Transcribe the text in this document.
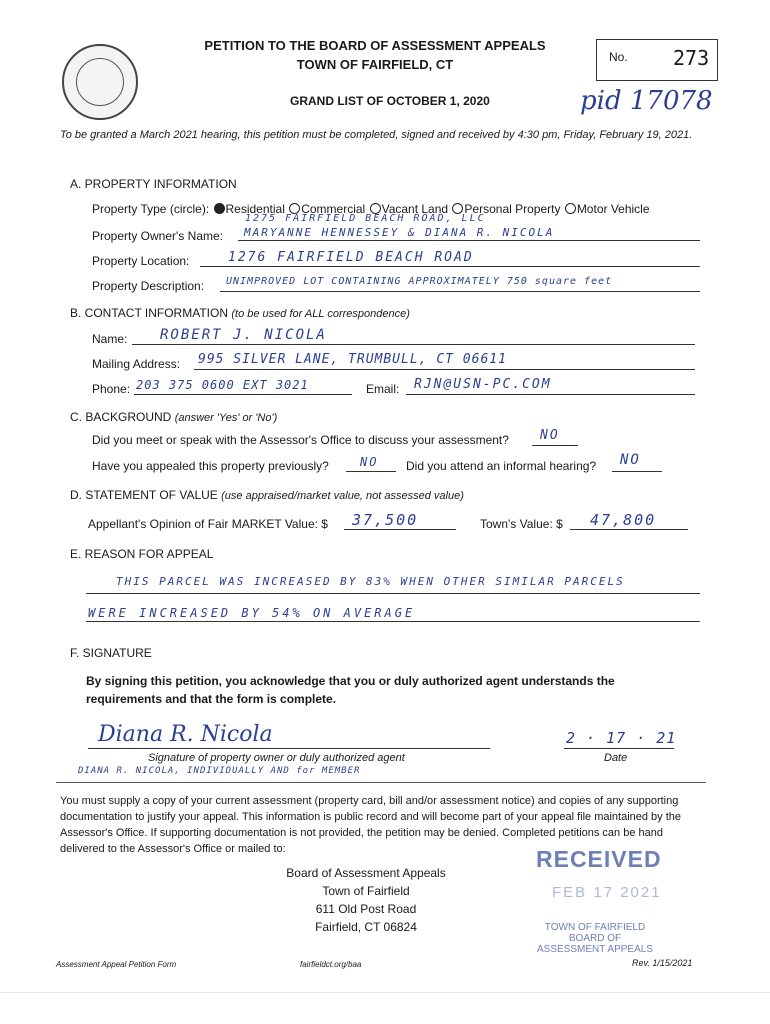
PETITION TO THE BOARD OF ASSESSMENT APPEALS
TOWN OF FAIRFIELD, CT
GRAND LIST OF OCTOBER 1, 2020
No. 273
pid 17078
To be granted a March 2021 hearing, this petition must be completed, signed and received by 4:30 pm, Friday, February 19, 2021.
A. PROPERTY INFORMATION
Property Type (circle): Residential Commercial Vacant Land Personal Property Motor Vehicle
1275 FAIRFIELD BEACH ROAD, LLC
Property Owner's Name: MARYANNE HENNESSEY & DIANA R. NICOLA
Property Location:	1276 FAIRFIELD BEACH ROAD
Property Description: UNIMPROVED LOT CONTAINING APPROXIMATELY 750 square feet
B. CONTACT INFORMATION (to be used for ALL correspondence)
Name: ROBERT J. NICOLA
Mailing Address: 995 SILVER LANE, TRUMBULL, CT 06611
Phone: 203 375 0600 EXT 3021	Email: RJN@USN-PC.COM
C. BACKGROUND (answer 'Yes' or 'No')
Did you meet or speak with the Assessor's Office to discuss your assessment? NO
Have you appealed this property previously?	NO Did you attend an informal hearing? NO
D. STATEMENT OF VALUE (use appraised/market value, not assessed value)
Appellant's Opinion of Fair MARKET Value: $ 37,500	Town's Value: $ 47,800
E. REASON FOR APPEAL
THIS PARCEL WAS INCREASED BY 83% WHEN OTHER SIMILAR PARCELS
WERE INCREASED BY 54% ON AVERAGE
F. SIGNATURE
By signing this petition, you acknowledge that you or duly authorized agent understands the requirements and that the form is complete.
Diana R. Nicola
Signature of property owner or duly authorized agent
DIANA R. NICOLA, INDIVIDUALLY AND for MEMBER
2 · 17 · 21
Date
You must supply a copy of your current assessment (property card, bill and/or assessment notice) and copies of any supporting documentation to justify your appeal. This information is public record and will become part of your appeal file maintained by the Assessor's Office. If supporting documentation is not provided, the petition may be denied. Completed petitions can be hand delivered to the Assessor's Office or mailed to:
Board of Assessment Appeals
Town of Fairfield
611 Old Post Road
Fairfield, CT 06824
RECEIVED
FEB 17 2021
TOWN OF FAIRFIELD
BOARD OF
ASSESSMENT APPEALS
Assessment Appeal Petition Form	fairfieldct.org/baa	Rev. 1/15/2021
